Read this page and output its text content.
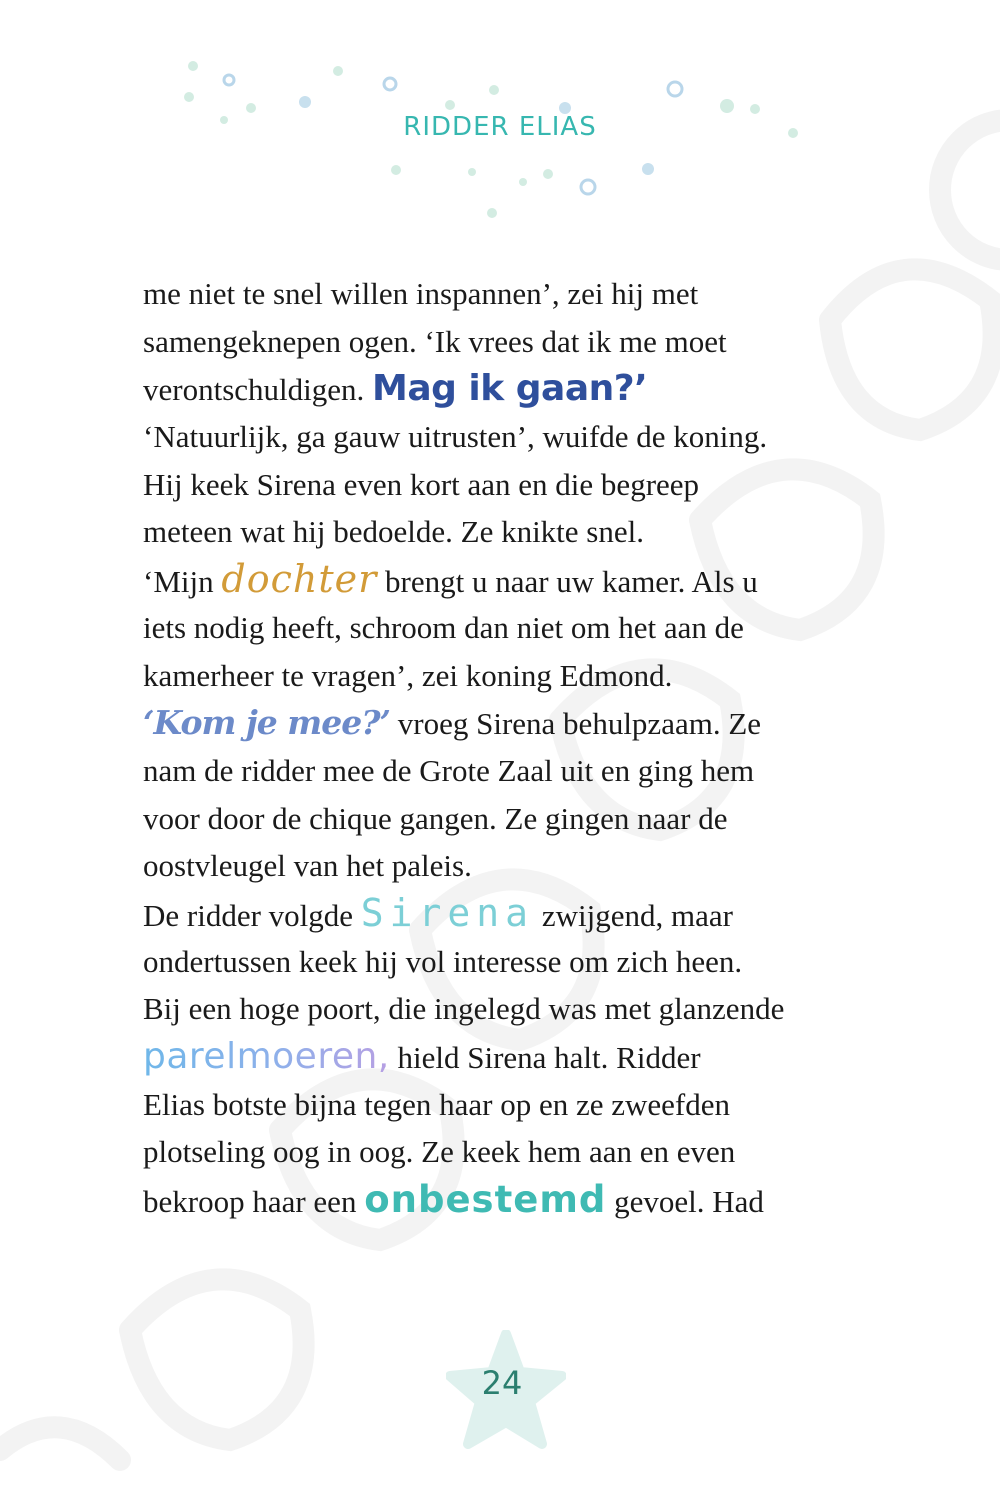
RIDDER ELIAS
me niet te snel willen inspannen’, zei hij met
samengeknepen ogen. ‘Ik vrees dat ik me moet
verontschuldigen. Mag ik gaan?’
‘Natuurlijk, ga gauw uitrusten’, wuifde de koning.
Hij keek Sirena even kort aan en die begreep
meteen wat hij bedoelde. Ze knikte snel.
‘Mijn dochter brengt u naar uw kamer. Als u
iets nodig heeft, schroom dan niet om het aan de
kamerheer te vragen’, zei koning Edmond.
‘Kom je mee?’ vroeg Sirena behulpzaam. Ze
nam de ridder mee de Grote Zaal uit en ging hem
voor door de chique gangen. Ze gingen naar de
oostvleugel van het paleis.
De ridder volgde Sirena zwijgend, maar
ondertussen keek hij vol interesse om zich heen.
Bij een hoge poort, die ingelegd was met glanzende
parelmoeren, hield Sirena halt. Ridder
Elias botste bijna tegen haar op en ze zweefden
plotseling oog in oog. Ze keek hem aan en even
bekroop haar een onbestemd gevoel. Had
24
